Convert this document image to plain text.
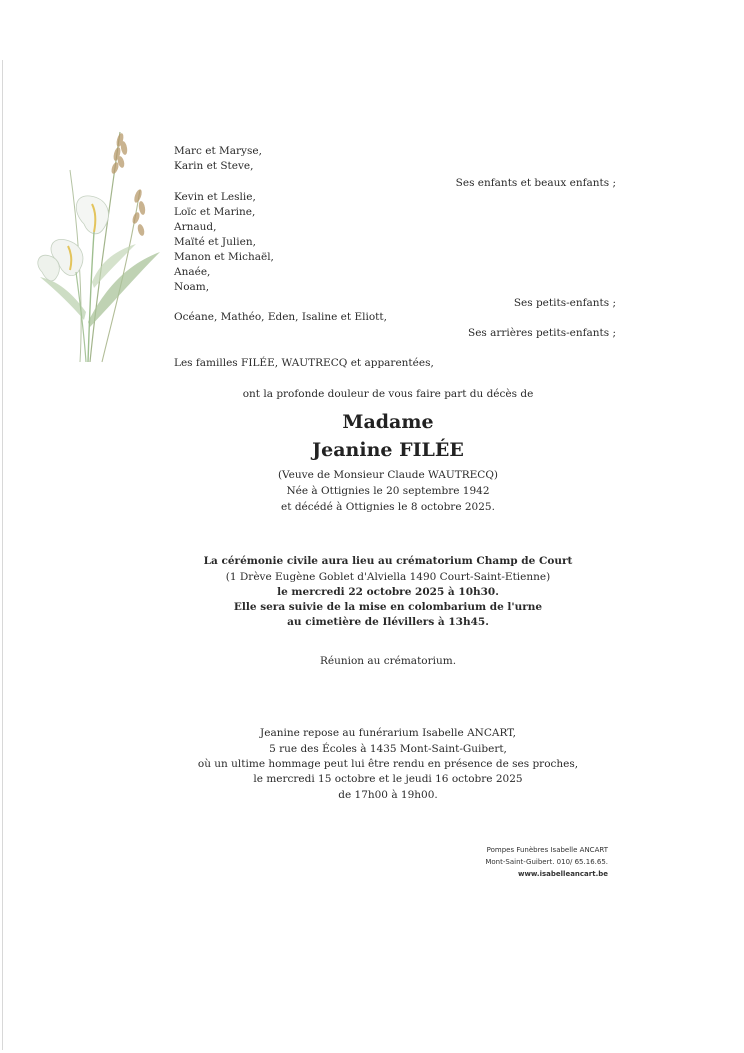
Marc et Maryse,
Karin et Steve,
Ses enfants et beaux enfants ;
Kevin et Leslie,
Loïc et Marine,
Arnaud,
Maïté et Julien,
Manon et Michaël,
Anaée,
Noam,
Ses petits-enfants ;
Océane, Mathéo, Eden, Isaline et Eliott,
Ses arrières petits-enfants ;
Les familles FILÉE, WAUTRECQ et apparentées,
ont la profonde douleur de vous faire part du décès de
Madame
Jeanine FILÉE
(Veuve de Monsieur Claude WAUTRECQ)
Née à Ottignies le 20 septembre 1942
et décédé à Ottignies le 8 octobre 2025.
La cérémonie civile aura lieu au crématorium Champ de Court
(1 Drève Eugène Goblet d'Alviella 1490 Court-Saint-Etienne)
le mercredi 22 octobre 2025 à 10h30.
Elle sera suivie de la mise en colombarium de l'urne
au cimetière de Ilévillers à 13h45.
Réunion au crématorium.
Jeanine repose au funérarium Isabelle ANCART,
5 rue des Écoles à 1435 Mont-Saint-Guibert,
où un ultime hommage peut lui être rendu en présence de ses proches,
le mercredi 15 octobre et le jeudi 16 octobre 2025
de 17h00 à 19h00.
Pompes Funèbres Isabelle ANCART
Mont-Saint-Guibert. 010/ 65.16.65.
www.isabelleancart.be
